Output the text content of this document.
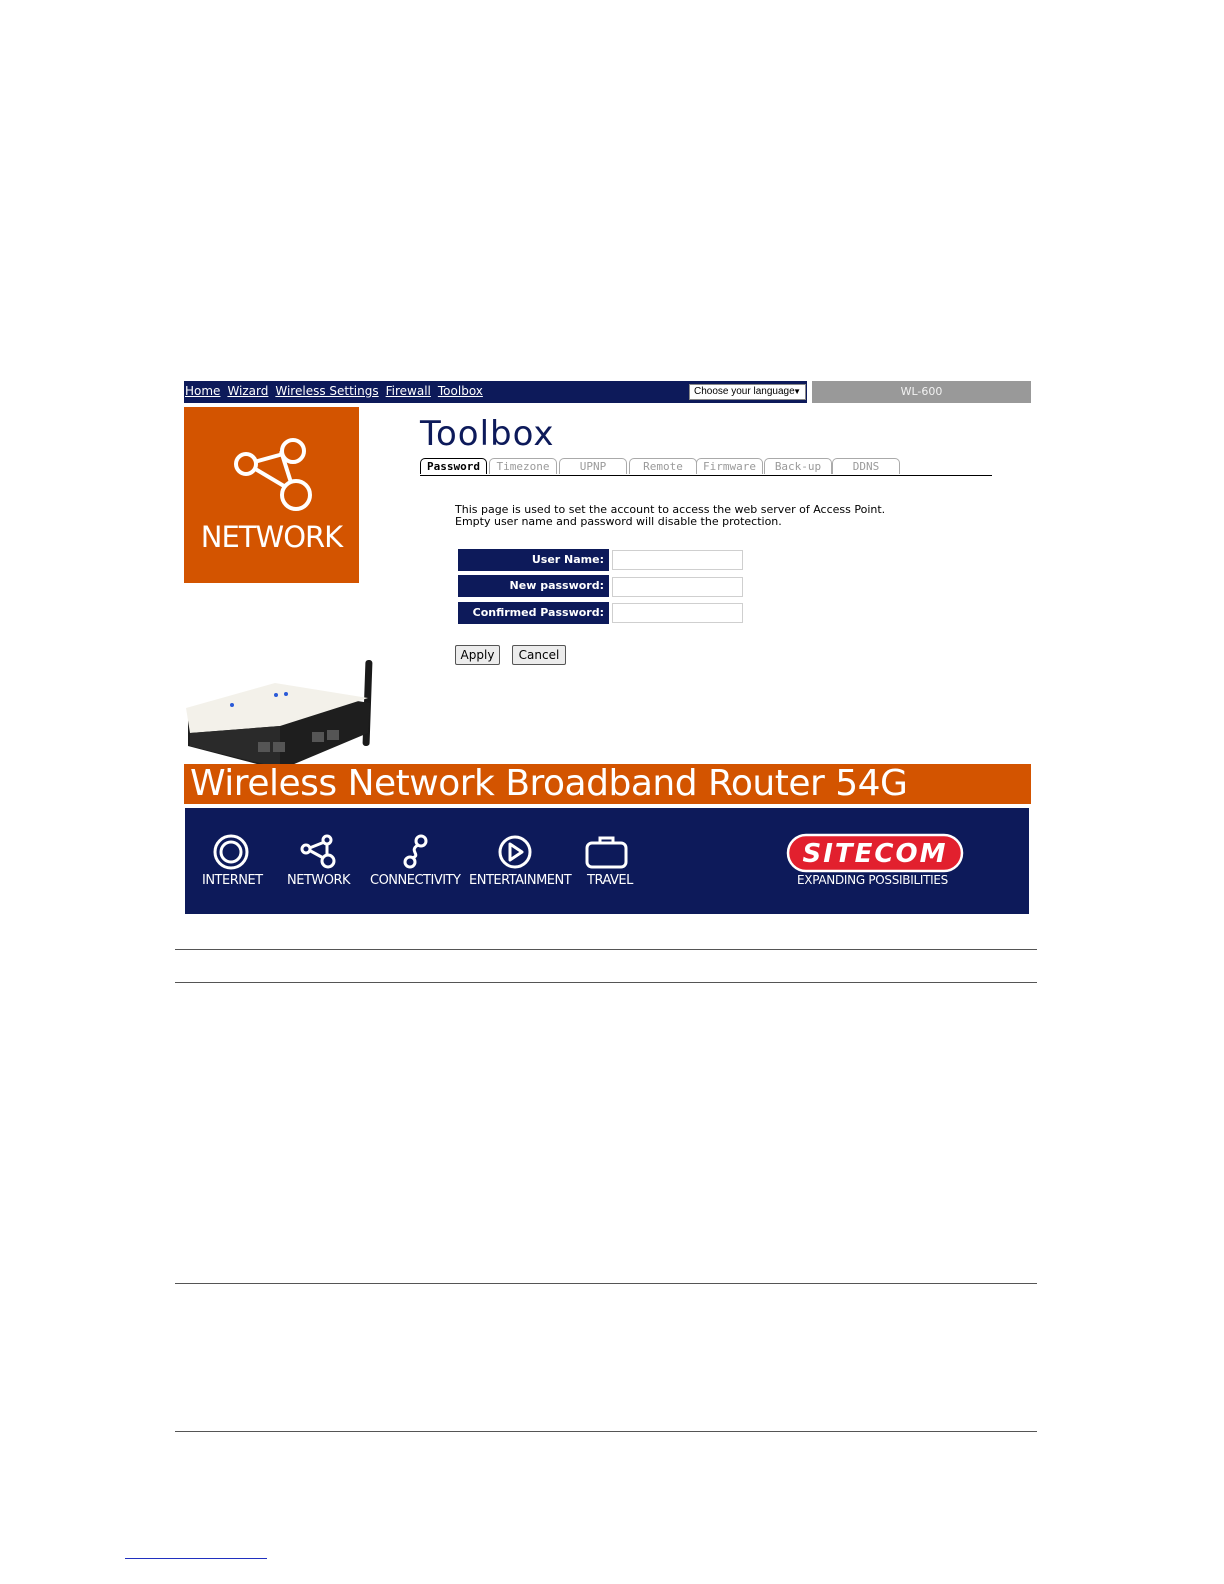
Home Wizard Wireless Settings Firewall Toolbox	Choose your language
▼	WL-600
NETWORK
Toolbox
Password	Timezone	UPNP	Remote	Firmware	Back-up	DDNS
This page is used to set the account to access the web server of Access Point.
Empty user name and password will disable the protection.
User Name:
New password:
Confirmed Password:
Apply	Cancel
Wireless Network Broadband Router 54G
INTERNET NETWORK CONNECTIVITY ENTERTAINMENT TRAVEL
SITECOM
EXPANDING POSSIBILITIES
